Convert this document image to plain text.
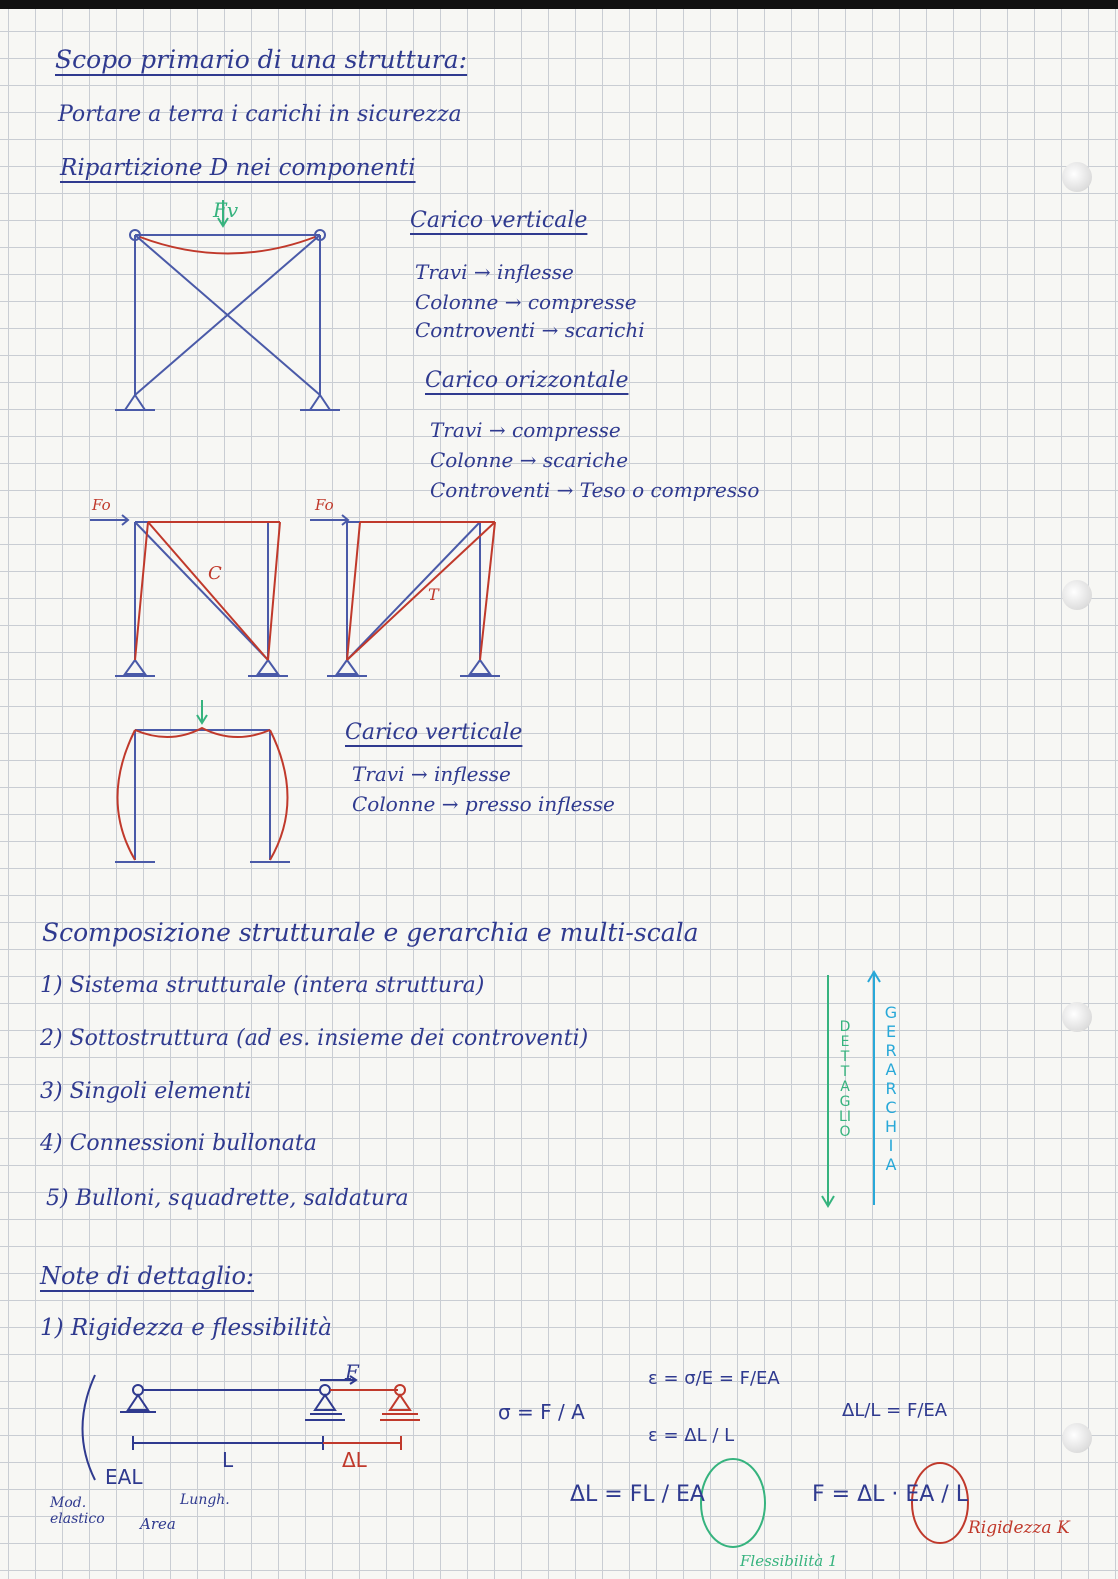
Scopo primario di una struttura:
Portare a terra i carichi in sicurezza
Ripartizione D nei componenti
Fv	Carico verticale
Travi → inflesse
Colonne → compresse
Controventi → scarichi
Carico orizzontale
Travi → compresse
Colonne → scariche
Controventi → Teso o compresso
Fo	Fo
C
T
Carico verticale
Travi → inflesse
Colonne → presso inflesse
Scomposizione strutturale e gerarchia e multi-scala
1) Sistema strutturale (intera struttura)
2) Sottostruttura (ad es. insieme dei controventi)
3) Singoli elementi
4) Connessioni bullonata
5) Bulloni, squadrette, saldatura
DETTAGLIO
GERARCHIA
Note di dettaglio:
1) Rigidezza e flessibilità
F
L	ΔL
EAL
Mod. elastico	Area
Lungh.
σ = F / A
ε = σ/E = F/EA
ε = ΔL / L
ΔL/L = F/EA
ΔL = FL / EA	F = ΔL · EA / L
Rigidezza K
Flessibilità 1
